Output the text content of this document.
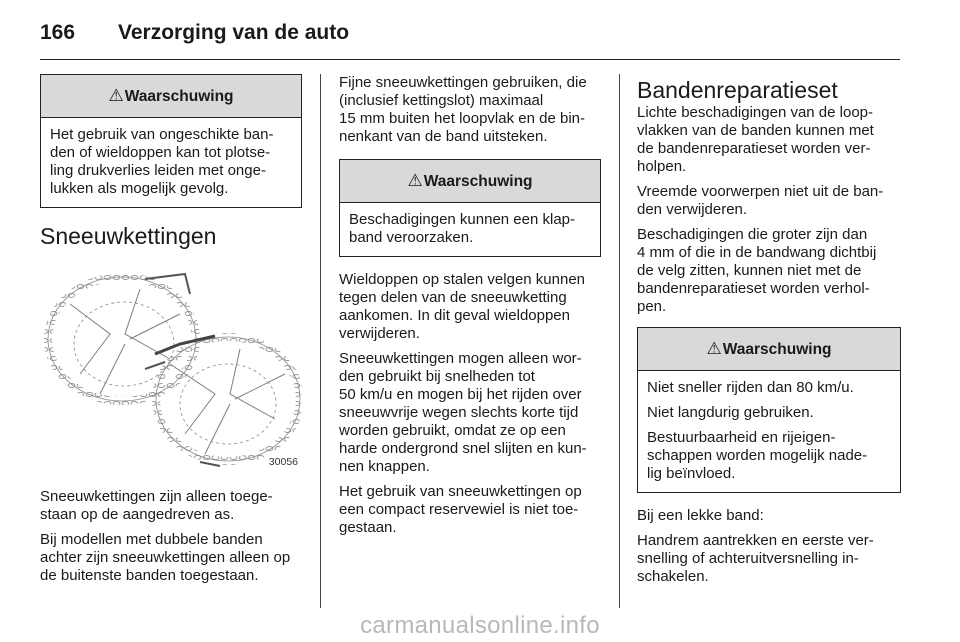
166 Verzorging van de auto
⚠Waarschuwing

Het gebruik van ongeschikte ban-
den of wieldoppen kan tot plotse-
ling drukverlies leiden met onge-
lukken als mogelijk gevolg.

Sneeuwkettingen
30056

Sneeuwkettingen zijn alleen toege-
staan op de aangedreven as.

Bij modellen met dubbele banden
achter zijn sneeuwkettingen alleen op
de buitenste banden toegestaan.

Fijne sneeuwkettingen gebruiken, die
(inclusief kettingslot) maximaal
15 mm buiten het loopvlak en de bin-
nenkant van de band uitsteken.

⚠Waarschuwing

Beschadigingen kunnen een klap-
band veroorzaken.

Wieldoppen op stalen velgen kunnen
tegen delen van de sneeuwketting
aankomen. In dit geval wieldoppen
verwijderen.

Sneeuwkettingen mogen alleen wor-
den gebruikt bij snelheden tot
50 km/u en mogen bij het rijden over
sneeuwvrije wegen slechts korte tijd
worden gebruikt, omdat ze op een
harde ondergrond snel slijten en kun-
nen knappen.

Het gebruik van sneeuwkettingen op
een compact reservewiel is niet toe-
gestaan.

Bandenreparatieset

Lichte beschadigingen van de loop-
vlakken van de banden kunnen met
de bandenreparatieset worden ver-
holpen.

Vreemde voorwerpen niet uit de ban-
den verwijderen.

Beschadigingen die groter zijn dan
4 mm of die in de bandwang dichtbij
de velg zitten, kunnen niet met de
bandenreparatieset worden verhol-
pen.

⚠Waarschuwing

Niet sneller rijden dan 80 km/u.

Niet langdurig gebruiken.

Bestuurbaarheid en rijeigen-
schappen worden mogelijk nade-
lig beïnvloed.

Bij een lekke band:

Handrem aantrekken en eerste ver-
snelling of achteruitversnelling in-
schakelen.

carmanualsonline.info
